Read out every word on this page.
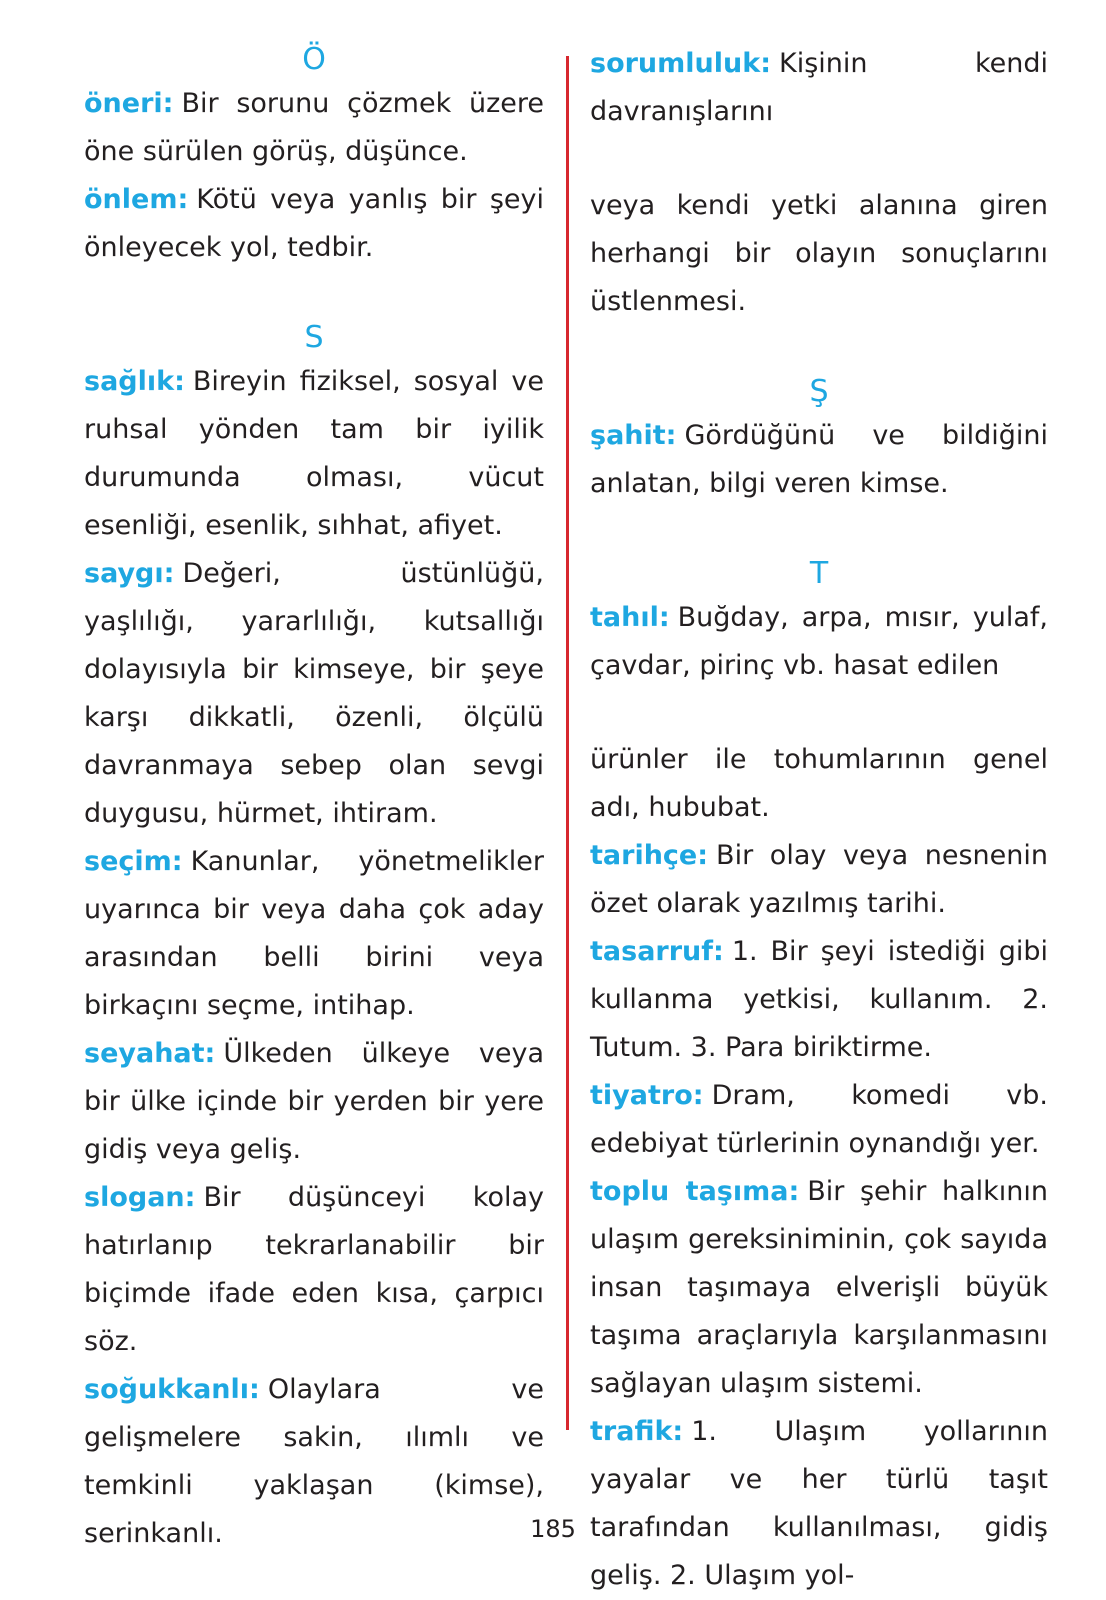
Ö

öneri: Bir sorunu çözmek üzere öne sürülen görüş, düşünce.

önlem: Kötü veya yanlış bir şeyi önleyecek yol, tedbir.

S

sağlık: Bireyin fiziksel, sosyal ve ruhsal yönden tam bir iyilik durumunda olması, vücut esenliği, esenlik, sıhhat, afiyet.

saygı: Değeri, üstünlüğü, yaşlılığı, yararlılığı, kutsallığı dolayısıyla bir kimseye, bir şeye karşı dikkatli, özenli, ölçülü davranmaya sebep olan sevgi duygusu, hürmet, ihtiram.

seçim: Kanunlar, yönetmelikler uyarınca bir veya daha çok aday arasından belli birini veya birkaçını seçme, intihap.

seyahat: Ülkeden ülkeye veya bir ülke içinde bir yerden bir yere gidiş veya geliş.

slogan: Bir düşünceyi kolay hatırlanıp tekrarlanabilir bir biçimde ifade eden kısa, çarpıcı söz.

soğukkanlı: Olaylara ve gelişmelere sakin, ılımlı ve temkinli yaklaşan (kimse), serinkanlı.

sorumluluk: Kişinin kendi davranışlarını

veya kendi yetki alanına giren herhangi bir olayın sonuçlarını üstlenmesi.

Ş

şahit: Gördüğünü ve bildiğini anlatan, bilgi veren kimse.

T

tahıl: Buğday, arpa, mısır, yulaf, çavdar, pirinç vb. hasat edilen

ürünler ile tohumlarının genel adı, hububat.

tarihçe: Bir olay veya nesnenin özet olarak yazılmış tarihi.

tasarruf: 1. Bir şeyi istediği gibi kullanma yetkisi, kullanım. 2. Tutum. 3. Para biriktirme.

tiyatro: Dram, komedi vb. edebiyat türlerinin oynandığı yer.

toplu taşıma: Bir şehir halkının ulaşım gereksiniminin, çok sayıda insan taşımaya elverişli büyük taşıma araçlarıyla karşılanmasını sağlayan ulaşım sistemi.

trafik: 1. Ulaşım yollarının yayalar ve her türlü taşıt tarafından kullanılması, gidiş geliş. 2. Ulaşım yol-

185
